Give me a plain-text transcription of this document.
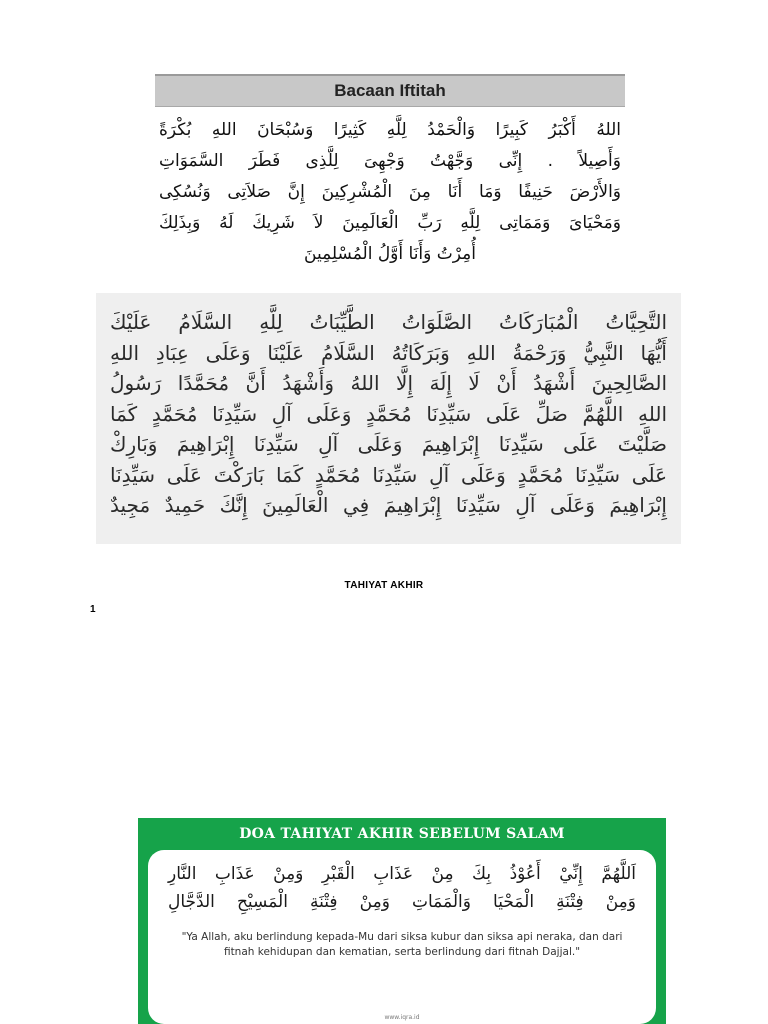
Bacaan Iftitah
اللهُ أَكْبَرُ كَبِيرًا وَالْحَمْدُ لِلَّهِ كَثِيرًا وَسُبْحَانَ اللهِ بُكْرَةً
وَأَصِيلاً . إِنِّى وَجَّهْتُ وَجْهِىَ لِلَّذِى فَطَرَ السَّمَوَاتِ
وَالأَرْضَ حَنِيفًا وَمَا أَنَا مِنَ الْمُشْرِكِينَ إِنَّ صَلاَتِى وَنُسُكِى
وَمَحْيَاىَ وَمَمَاتِى لِلَّهِ رَبِّ الْعَالَمِينَ لاَ شَرِيكَ لَهُ وَبِذَلِكَ
أُمِرْتُ وَأَنَا أَوَّلُ الْمُسْلِمِينَ
التَّحِيَّاتُ الْمُبَارَكَاتُ الصَّلَوَاتُ الطَّيِّبَاتُ لِلَّهِ السَّلَامُ عَلَيْكَ
أَيُّهَا النَّبِيُّ وَرَحْمَةُ اللهِ وَبَرَكَاتُهُ السَّلَامُ عَلَيْنَا وَعَلَى عِبَادِ اللهِ
الصَّالِحِينَ أَشْهَدُ أَنْ لَا إِلَهَ إِلَّا اللهُ وَأَشْهَدُ أَنَّ مُحَمَّدًا رَسُولُ
اللهِ اللَّهُمَّ صَلِّ عَلَى سَيِّدِنَا مُحَمَّدٍ وَعَلَى آلِ سَيِّدِنَا مُحَمَّدٍ كَمَا
صَلَّيْتَ عَلَى سَيِّدِنَا إِبْرَاهِيمَ وَعَلَى آلِ سَيِّدِنَا إِبْرَاهِيمَ وَبَارِكْ
عَلَى سَيِّدِنَا مُحَمَّدٍ وَعَلَى آلِ سَيِّدِنَا مُحَمَّدٍ كَمَا بَارَكْتَ عَلَى سَيِّدِنَا
إِبْرَاهِيمَ وَعَلَى آلِ سَيِّدِنَا إِبْرَاهِيمَ فِي الْعَالَمِينَ إِنَّكَ حَمِيدٌ مَجِيدٌ
TAHIYAT AKHIR
1
DOA TAHIYAT AKHIR SEBELUM SALAM
اَللَّهُمَّ إِنِّيْ أَعُوْذُ بِكَ مِنْ عَذَابِ الْقَبْرِ وَمِنْ عَذَابِ النَّارِ
وَمِنْ فِتْنَةِ الْمَحْيَا وَالْمَمَاتِ وَمِنْ فِتْنَةِ الْمَسِيْحِ الدَّجَّالِ
"Ya Allah, aku berlindung kepada-Mu dari siksa kubur dan siksa api neraka, dan dari fitnah kehidupan dan kematian, serta berlindung dari fitnah Dajjal."
www.iqra.id
